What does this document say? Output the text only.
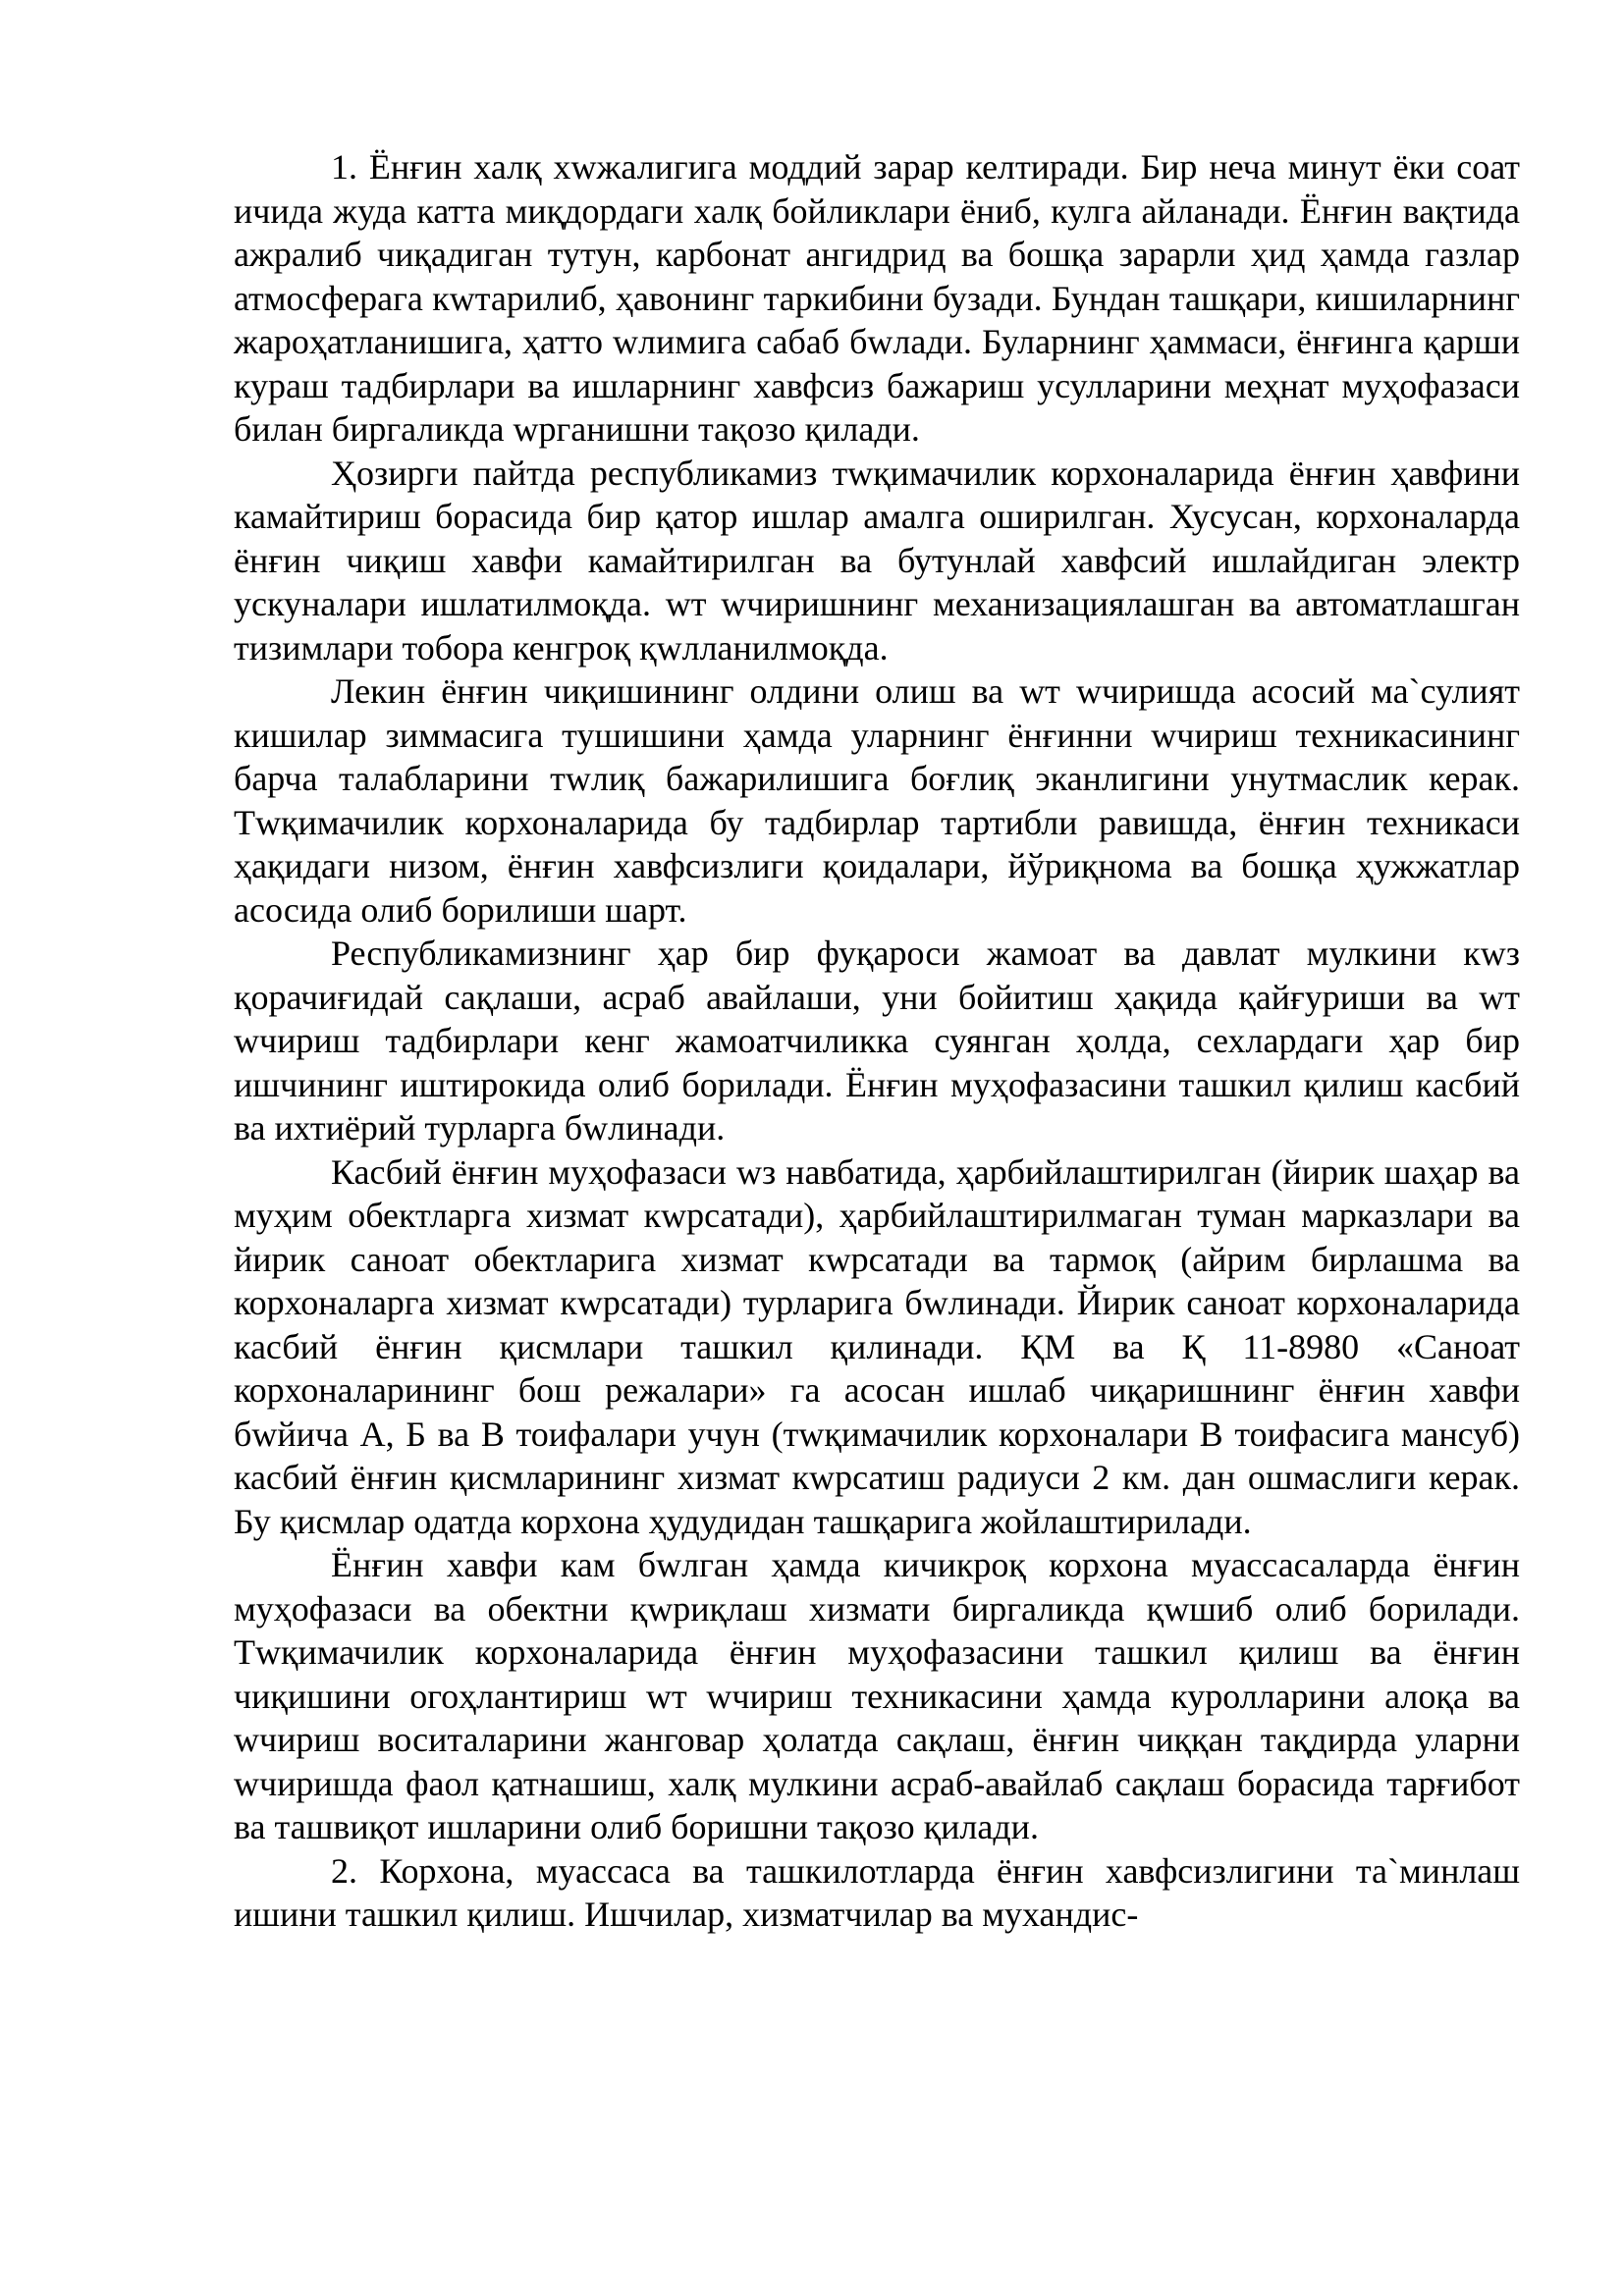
1. Ёнғин халқ хwжалигига моддий зарар келтиради. Бир неча минут ёки соат ичида жуда катта миқдордаги халқ бойликлари ёниб, кулга айланади. Ёнғин вақтида ажралиб чиқадиган тутун, карбонат ангидрид ва бошқа зарарли ҳид ҳамда газлар атмосферага кwтарилиб, ҳавонинг таркибини бузади. Бундан ташқари, кишиларнинг жароҳатланишига, ҳатто wлимига сабаб бwлади. Буларнинг ҳаммаси, ёнғинга қарши кураш тадбирлари ва ишларнинг хавфсиз бажариш усулларини меҳнат муҳофазаси билан биргаликда wрганишни тақозо қилади.

Ҳозирги пайтда республикамиз тwқимачилик корхоналарида ёнғин ҳавфини камайтириш борасида бир қатор ишлар амалга оширилган. Хусусан, корхоналарда ёнғин чиқиш хавфи камайтирилган ва бутунлай хавфсий ишлайдиган электр ускуналари ишлатилмоқда. wт wчиришнинг механизациялашган ва автоматлашган тизимлари тобора кенгроқ қwлланилмоқда.

Лекин ёнғин чиқишининг олдини олиш ва wт wчиришда асосий ма`сулият кишилар зиммасига тушишини ҳамда уларнинг ёнғинни wчириш техникасининг барча талабларини тwлиқ бажарилишига боғлиқ эканлигини унутмаслик керак. Тwқимачилик корхоналарида бу тадбирлар тартибли равишда, ёнғин техникаси ҳақидаги низом, ёнғин хавфсизлиги қоидалари, йўриқнома ва бошқа ҳужжатлар асосида олиб борилиши шарт.

Республикамизнинг ҳар бир фуқароси жамоат ва давлат мулкини кwз қорачиғидай сақлаши, асраб авайлаши, уни бойитиш ҳақида қайғуриши ва wт wчириш тадбирлари кенг жамоатчиликка суянган ҳолда, сехлардаги ҳар бир ишчининг иштирокида олиб борилади. Ёнғин муҳофазасини ташкил қилиш касбий ва ихтиёрий турларга бwлинади.

Касбий ёнғин муҳофазаси wз навбатида, ҳарбийлаштирилган (йирик шаҳар ва муҳим обектларга хизмат кwрсатади), ҳарбийлаштирилмаган туман марказлари ва йирик саноат обектларига хизмат кwрсатади ва тармоқ (айрим бирлашма ва корхоналарга хизмат кwрсатади) турларига бwлинади. Йирик саноат корхоналарида касбий ёнғин қисмлари ташкил қилинади. ҚМ ва Қ 11-8980 «Саноат корхоналарининг бош режалари» га асосан ишлаб чиқаришнинг ёнғин хавфи бwйича А, Б ва В тоифалари учун (тwқимачилик корхоналари В тоифасига мансуб) касбий ёнғин қисмларининг хизмат кwрсатиш радиуси 2 км. дан ошмаслиги керак. Бу қисмлар одатда корхона ҳудудидан ташқарига жойлаштирилади.

Ёнғин хавфи кам бwлган ҳамда кичикроқ корхона муассасаларда ёнғин муҳофазаси ва обектни қwриқлаш хизмати биргаликда қwшиб олиб борилади. Тwқимачилик корхоналарида ёнғин муҳофазасини ташкил қилиш ва ёнғин чиқишини огоҳлантириш wт wчириш техникасини ҳамда куролларини алоқа ва wчириш воситаларини жанговар ҳолатда сақлаш, ёнғин чиққан тақдирда уларни wчиришда фаол қатнашиш, халқ мулкини асраб-авайлаб сақлаш борасида тарғибот ва ташвиқот ишларини олиб боришни тақозо қилади.

2. Корхона, муассаса ва ташкилотларда ёнғин хавфсизлигини та`минлаш ишини ташкил қилиш. Ишчилар, хизматчилар ва мухандис-
